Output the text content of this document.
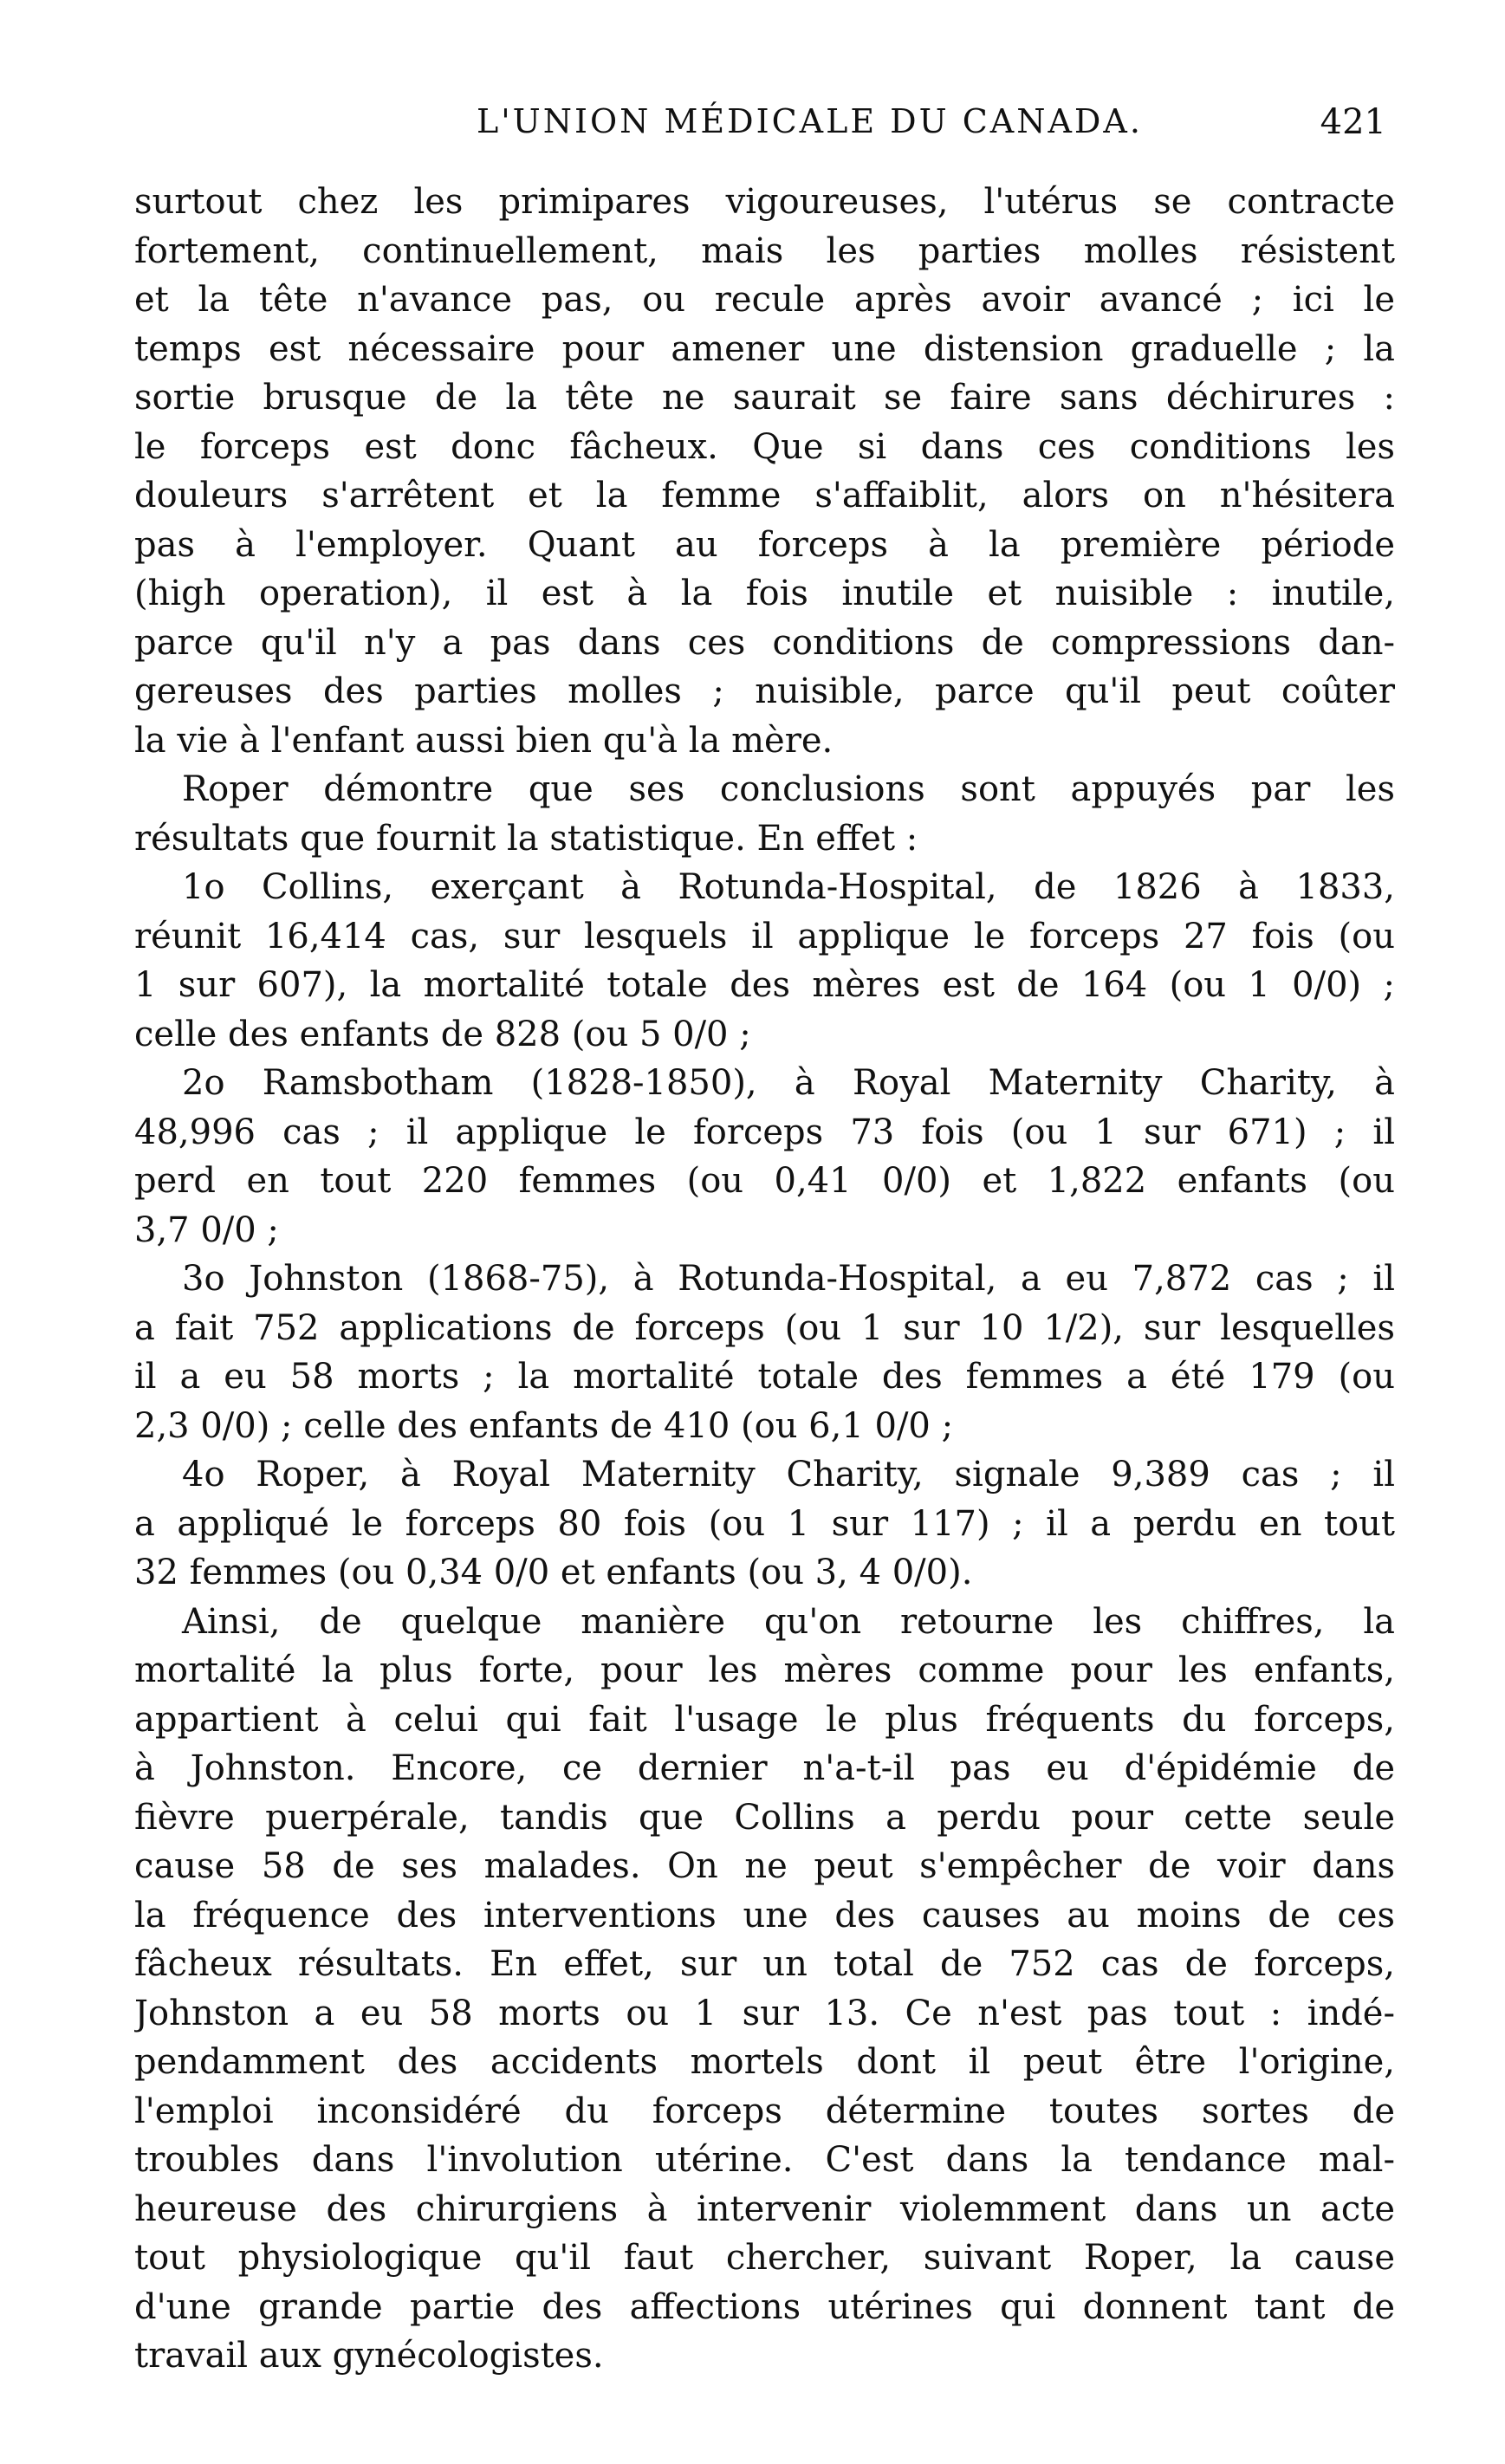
L'UNION MÉDICALE DU CANADA.	421
surtout chez les primipares vigoureuses, l'utérus se contracte
fortement, continuellement, mais les parties molles résistent
et la tête n'avance pas, ou recule après avoir avancé ; ici le
temps est nécessaire pour amener une distension graduelle ; la
sortie brusque de la tête ne saurait se faire sans déchirures :
le forceps est donc fâcheux. Que si dans ces conditions les
douleurs s'arrêtent et la femme s'affaiblit, alors on n'hésitera
pas à l'employer. Quant au forceps à la première période
(high operation), il est à la fois inutile et nuisible : inutile,
parce qu'il n'y a pas dans ces conditions de compressions dan-
gereuses des parties molles ; nuisible, parce qu'il peut coûter
la vie à l'enfant aussi bien qu'à la mère.
Roper démontre que ses conclusions sont appuyés par les
résultats que fournit la statistique. En effet :
1o Collins, exerçant à Rotunda-Hospital, de 1826 à 1833,
réunit 16,414 cas, sur lesquels il applique le forceps 27 fois (ou
1 sur 607), la mortalité totale des mères est de 164 (ou 1 0/0) ;
celle des enfants de 828 (ou 5 0/0 ;
2o Ramsbotham (1828-1850), à Royal Maternity Charity, à
48,996 cas ; il applique le forceps 73 fois (ou 1 sur 671) ; il
perd en tout 220 femmes (ou 0,41 0/0) et 1,822 enfants (ou
3,7 0/0 ;
3o Johnston (1868-75), à Rotunda-Hospital, a eu 7,872 cas ; il
a fait 752 applications de forceps (ou 1 sur 10 1/2), sur lesquelles
il a eu 58 morts ; la mortalité totale des femmes a été 179 (ou
2,3 0/0) ; celle des enfants de 410 (ou 6,1 0/0 ;
4o Roper, à Royal Maternity Charity, signale 9,389 cas ; il
a appliqué le forceps 80 fois (ou 1 sur 117) ; il a perdu en tout
32 femmes (ou 0,34 0/0 et enfants (ou 3, 4 0/0).
Ainsi, de quelque manière qu'on retourne les chiffres, la
mortalité la plus forte, pour les mères comme pour les enfants,
appartient à celui qui fait l'usage le plus fréquents du forceps,
à Johnston. Encore, ce dernier n'a-t-il pas eu d'épidémie de
fièvre puerpérale, tandis que Collins a perdu pour cette seule
cause 58 de ses malades. On ne peut s'empêcher de voir dans
la fréquence des interventions une des causes au moins de ces
fâcheux résultats. En effet, sur un total de 752 cas de forceps,
Johnston a eu 58 morts ou 1 sur 13. Ce n'est pas tout : indé-
pendamment des accidents mortels dont il peut être l'origine,
l'emploi inconsidéré du forceps détermine toutes sortes de
troubles dans l'involution utérine. C'est dans la tendance mal-
heureuse des chirurgiens à intervenir violemment dans un acte
tout physiologique qu'il faut chercher, suivant Roper, la cause
d'une grande partie des affections utérines qui donnent tant de
travail aux gynécologistes.
